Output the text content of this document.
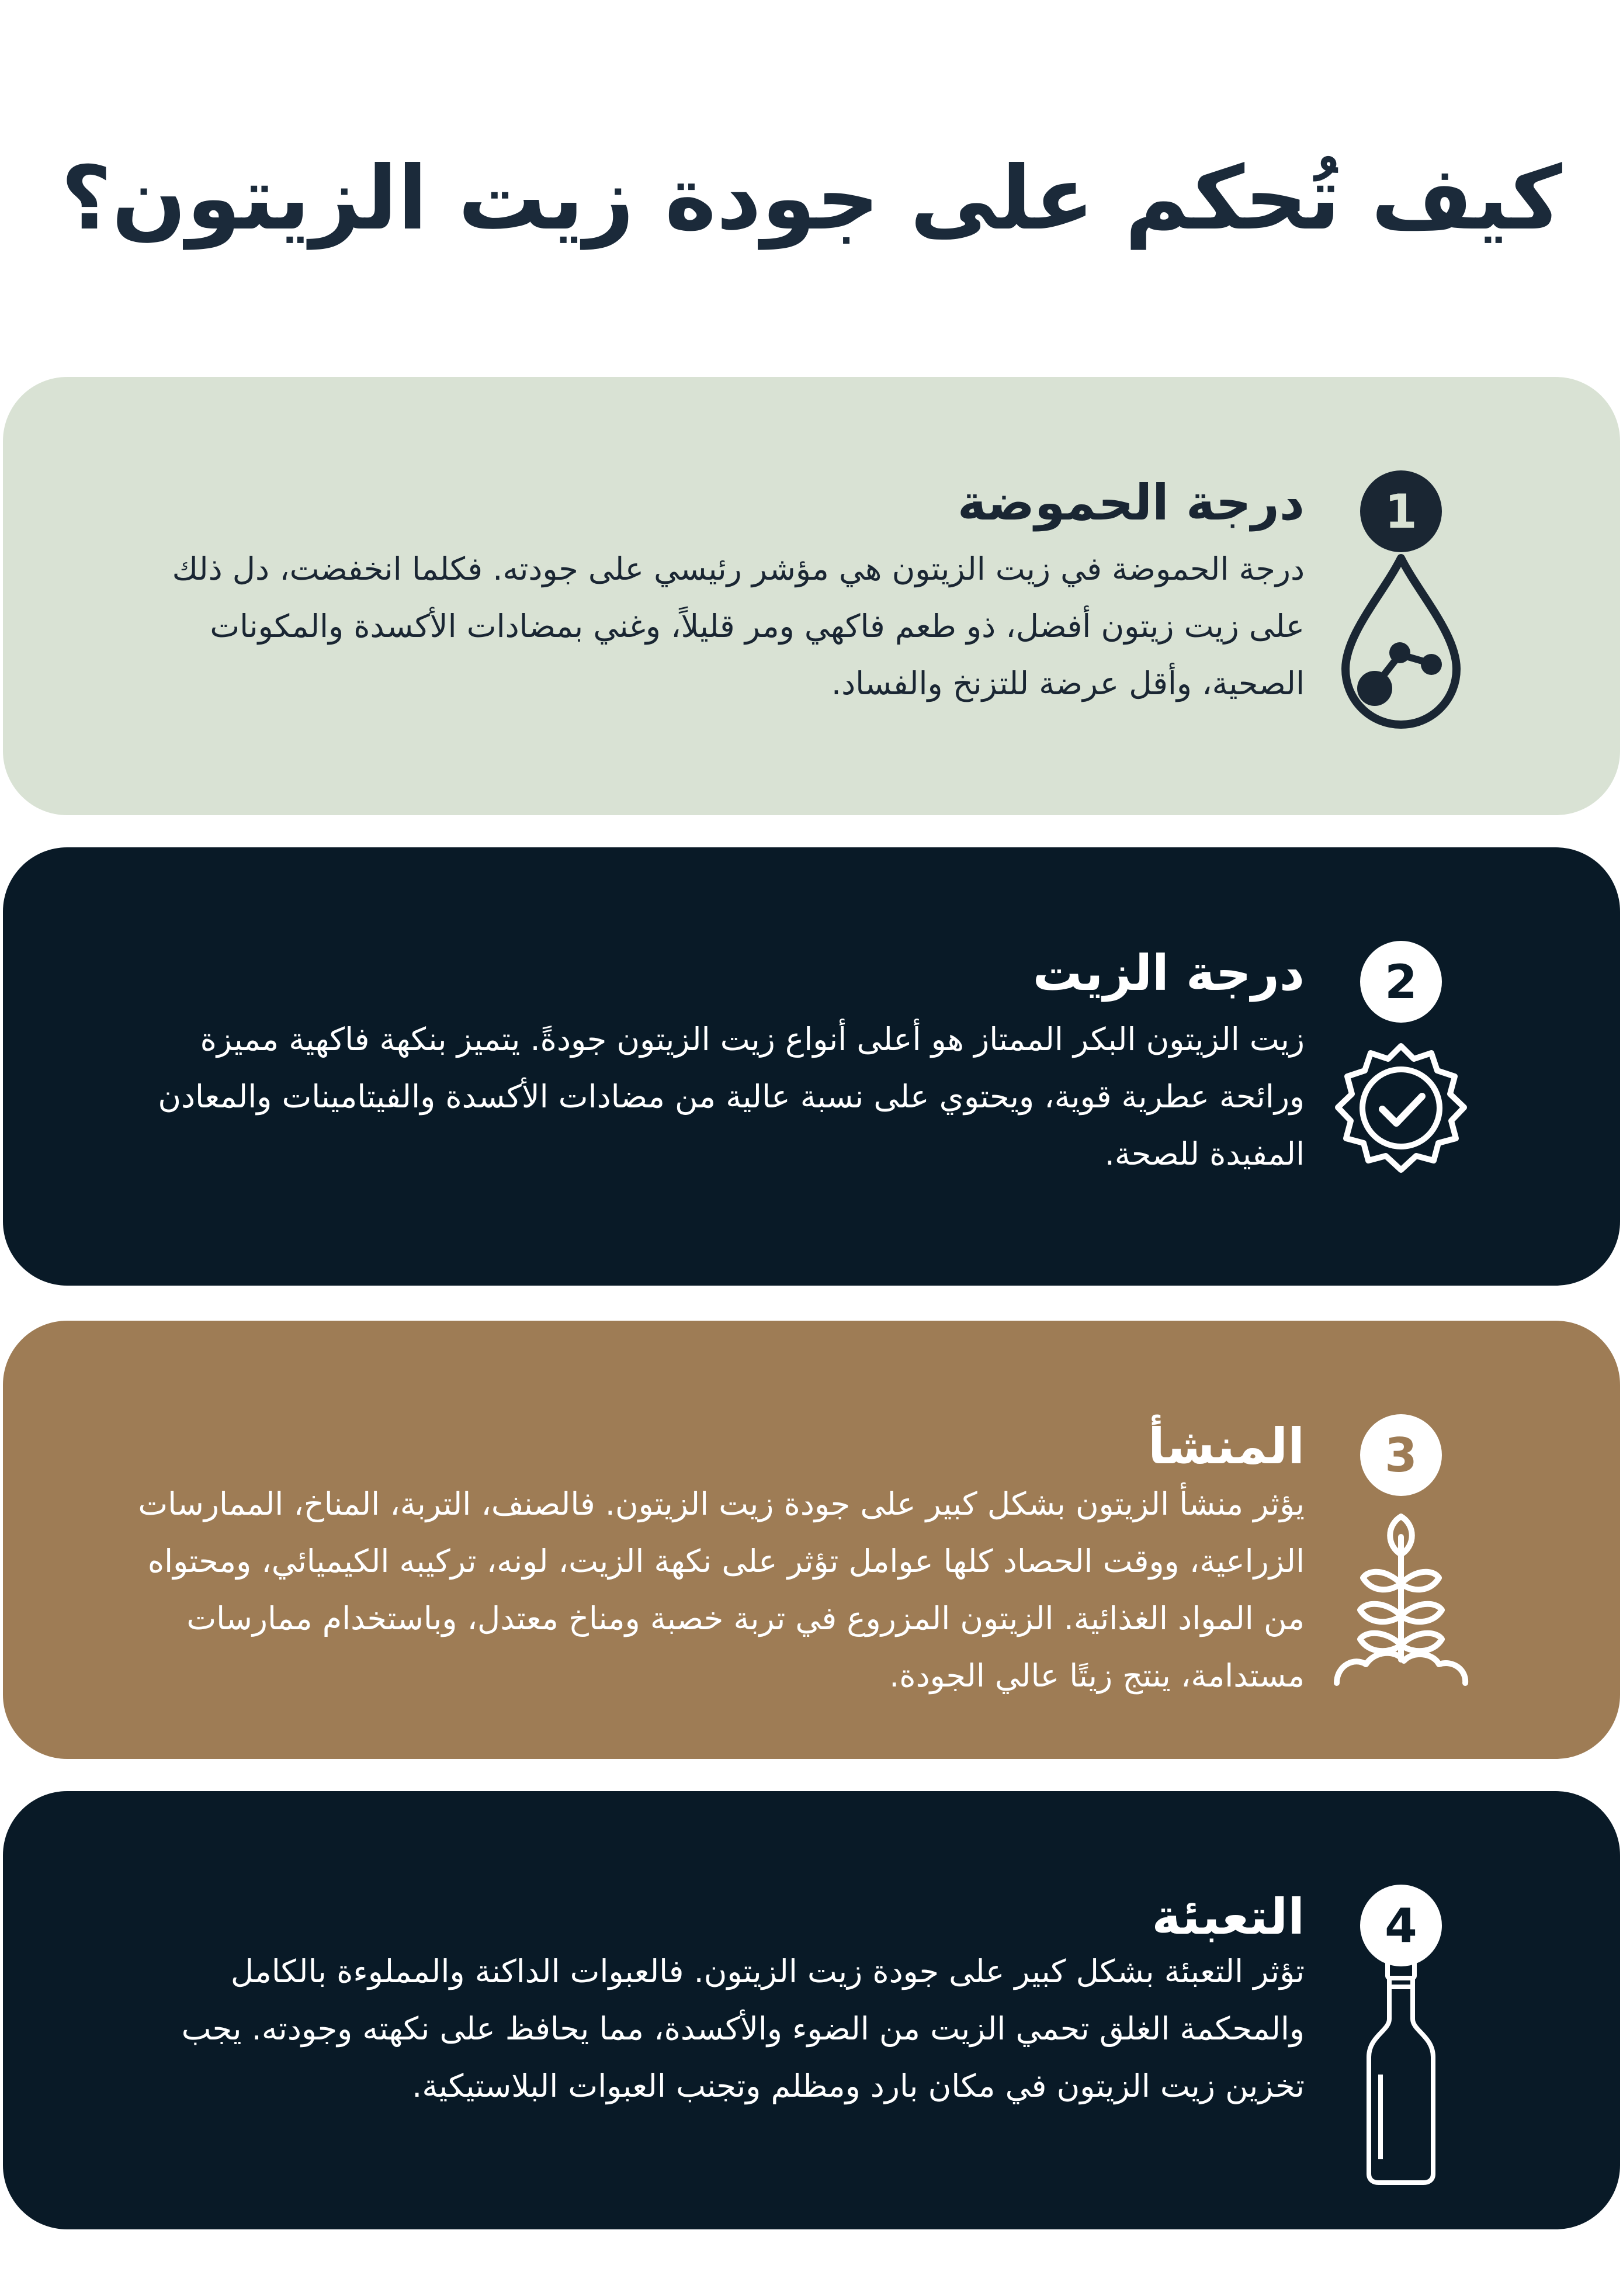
كيف تُحكم على جودة زيت الزيتون؟
1
درجة الحموضة

درجة الحموضة في زيت الزيتون هي مؤشر رئيسي على جودته. فكلما انخفضت، دل ذلك على زيت زيتون أفضل، ذو طعم فاكهي ومر قليلاً، وغني بمضادات الأكسدة والمكونات الصحية، وأقل عرضة للتزنخ والفساد.

2
درجة الزيت

زيت الزيتون البكر الممتاز هو أعلى أنواع زيت الزيتون جودةً. يتميز بنكهة فاكهية مميزة ورائحة عطرية قوية، ويحتوي على نسبة عالية من مضادات الأكسدة والفيتامينات والمعادن المفيدة للصحة.

3
المنشأ

يؤثر منشأ الزيتون بشكل كبير على جودة زيت الزيتون. فالصنف، التربة، المناخ، الممارسات الزراعية، ووقت الحصاد كلها عوامل تؤثر على نكهة الزيت، لونه، تركيبه الكيميائي، ومحتواه من المواد الغذائية. الزيتون المزروع في تربة خصبة ومناخ معتدل، وباستخدام ممارسات مستدامة، ينتج زيتًا عالي الجودة.

4
التعبئة

تؤثر التعبئة بشكل كبير على جودة زيت الزيتون. فالعبوات الداكنة والمملوءة بالكامل والمحكمة الغلق تحمي الزيت من الضوء والأكسدة، مما يحافظ على نكهته وجودته. يجب تخزين زيت الزيتون في مكان بارد ومظلم وتجنب العبوات البلاستيكية.
